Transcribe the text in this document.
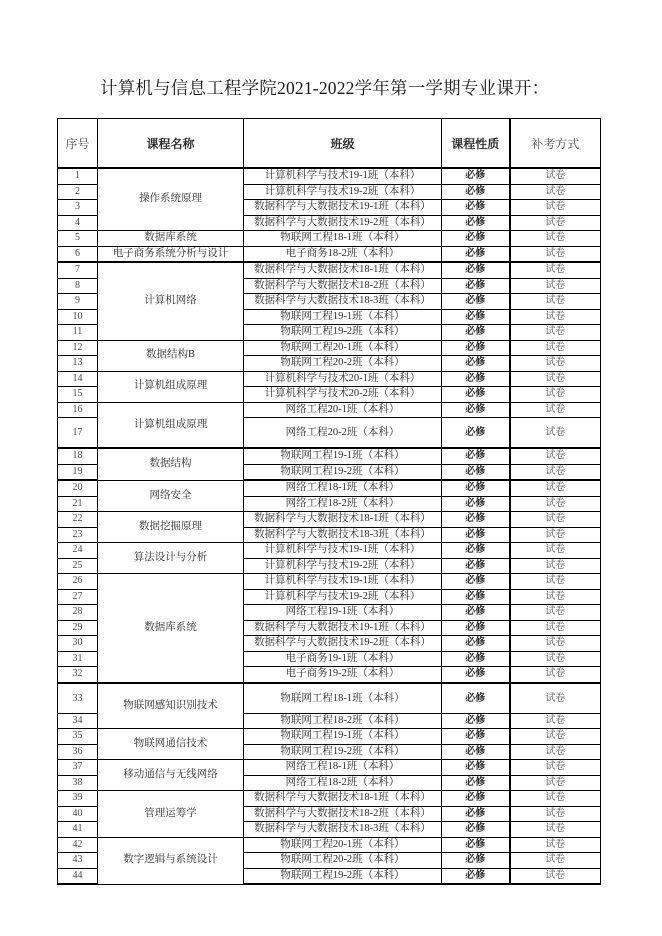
计算机与信息工程学院2021-2022学年第一学期专业课开：
序号	课程名称	班级	课程性质	补考方式
1	操作系统原理	计算机科学与技术19-1班（本科）	必修	试卷
2		计算机科学与技术19-2班（本科）	必修	试卷
3		数据科学与大数据技术19-1班（本科）	必修	试卷
4		数据科学与大数据技术19-2班（本科）	必修	试卷
5	数据库系统	物联网工程18-1班（本科）	必修	试卷
6	电子商务系统分析与设计	电子商务18-2班（本科）	必修	试卷
7	计算机网络	数据科学与大数据技术18-1班（本科）	必修	试卷
8		数据科学与大数据技术18-2班（本科）	必修	试卷
9		数据科学与大数据技术18-3班（本科）	必修	试卷
10		物联网工程19-1班（本科）	必修	试卷
11		物联网工程19-2班（本科）	必修	试卷
12	数据结构B	物联网工程20-1班（本科）	必修	试卷
13		物联网工程20-2班（本科）	必修	试卷
14	计算机组成原理	计算机科学与技术20-1班（本科）	必修	试卷
15		计算机科学与技术20-2班（本科）	必修	试卷
16	计算机组成原理	网络工程20-1班（本科）	必修	试卷
17		网络工程20-2班（本科）	必修	试卷
18	数据结构	物联网工程19-1班（本科）	必修	试卷
19		物联网工程19-2班（本科）	必修	试卷
20	网络安全	网络工程18-1班（本科）	必修	试卷
21		网络工程18-2班（本科）	必修	试卷
22	数据挖掘原理	数据科学与大数据技术18-1班（本科）	必修	试卷
23		数据科学与大数据技术18-3班（本科）	必修	试卷
24	算法设计与分析	计算机科学与技术19-1班（本科）	必修	试卷
25		计算机科学与技术19-2班（本科）	必修	试卷
26	数据库系统	计算机科学与技术19-1班（本科）	必修	试卷
27		计算机科学与技术19-2班（本科）	必修	试卷
28		网络工程19-1班（本科）	必修	试卷
29		数据科学与大数据技术19-1班（本科）	必修	试卷
30		数据科学与大数据技术19-2班（本科）	必修	试卷
31		电子商务19-1班（本科）	必修	试卷
32		电子商务19-2班（本科）	必修	试卷
33	物联网感知识别技术	物联网工程18-1班（本科）	必修	试卷
34		物联网工程18-2班（本科）	必修	试卷
35	物联网通信技术	物联网工程19-1班（本科）	必修	试卷
36		物联网工程19-2班（本科）	必修	试卷
37	移动通信与无线网络	网络工程18-1班（本科）	必修	试卷
38		网络工程18-2班（本科）	必修	试卷
39	管理运筹学	数据科学与大数据技术18-1班（本科）	必修	试卷
40		数据科学与大数据技术18-2班（本科）	必修	试卷
41		数据科学与大数据技术18-3班（本科）	必修	试卷
42	数字逻辑与系统设计	物联网工程20-1班（本科）	必修	试卷
43		物联网工程20-2班（本科）	必修	试卷
44		物联网工程19-2班（本科）	必修	试卷
